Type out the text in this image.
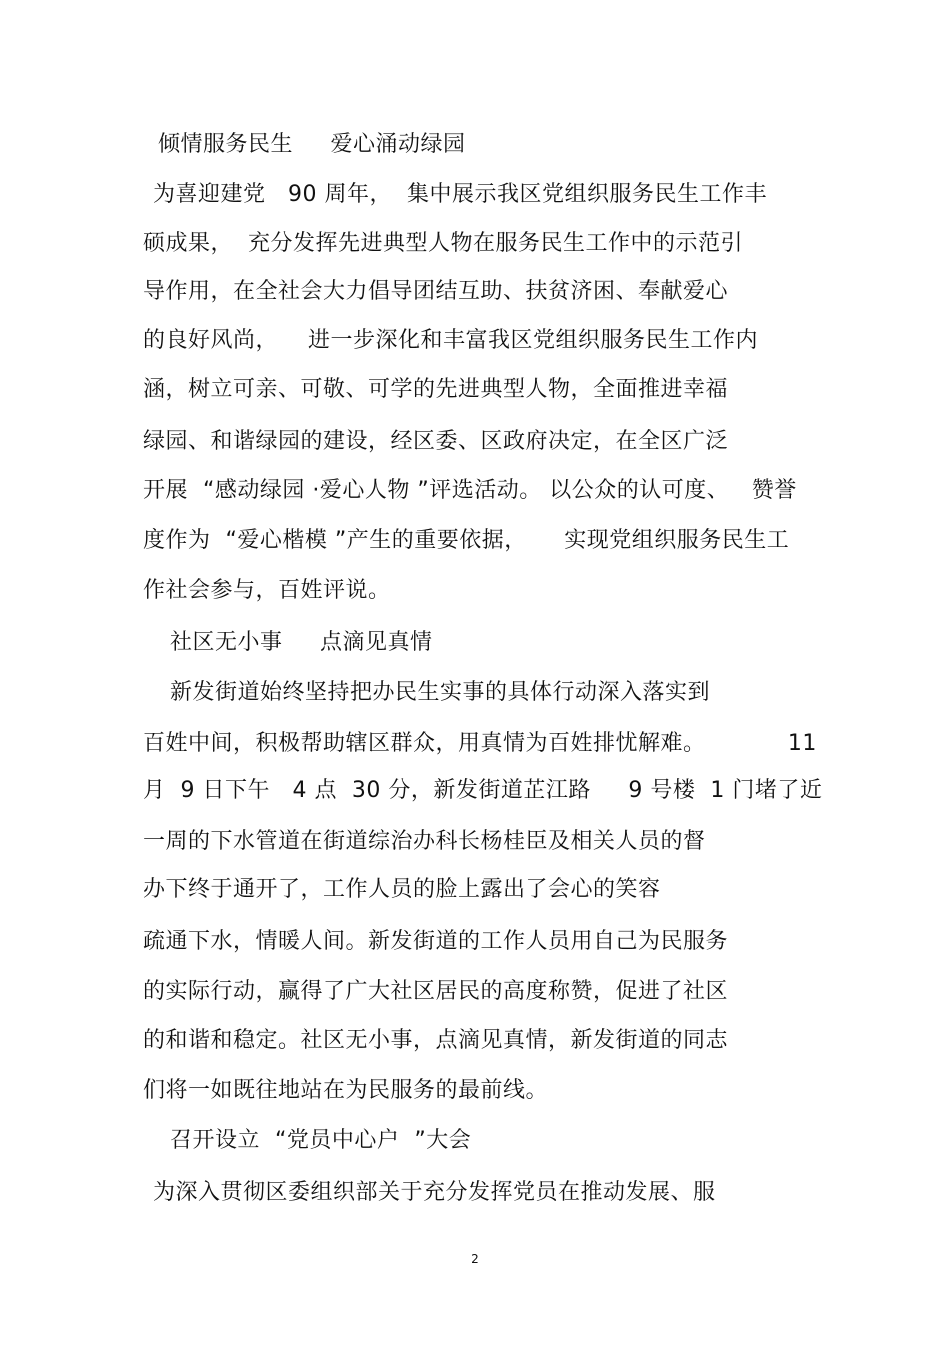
倾情服务民生     爱心涌动绿园
为喜迎建党   90 周年，  集中展示我区党组织服务民生工作丰
硕成果，  充分发挥先进典型人物在服务民生工作中的示范引
导作用，在全社会大力倡导团结互助、扶贫济困、奉献爱心
的良好风尚，    进一步深化和丰富我区党组织服务民生工作内
涵，树立可亲、可敬、可学的先进典型人物，全面推进幸福
绿园、和谐绿园的建设，经区委、区政府决定，在全区广泛
开展  “感动绿园 ·爱心人物 ”评选活动。 以公众的认可度、   赞誉
度作为  “爱心楷模 ”产生的重要依据，     实现党组织服务民生工
作社会参与，百姓评说。
社区无小事     点滴见真情
新发街道始终坚持把办民生实事的具体行动深入落实到
百姓中间，积极帮助辖区群众，用真情为百姓排忧解难。           11
月  9 日下午   4 点  30 分，新发街道芷江路     9 号楼  1 门堵了近
一周的下水管道在街道综治办科长杨桂臣及相关人员的督
办下终于通开了，工作人员的脸上露出了会心的笑容
疏通下水，情暖人间。新发街道的工作人员用自己为民服务
的实际行动，赢得了广大社区居民的高度称赞，促进了社区
的和谐和稳定。社区无小事，点滴见真情，新发街道的同志
们将一如既往地站在为民服务的最前线。
召开设立  “党员中心户  ”大会
为深入贯彻区委组织部关于充分发挥党员在推动发展、服
2
